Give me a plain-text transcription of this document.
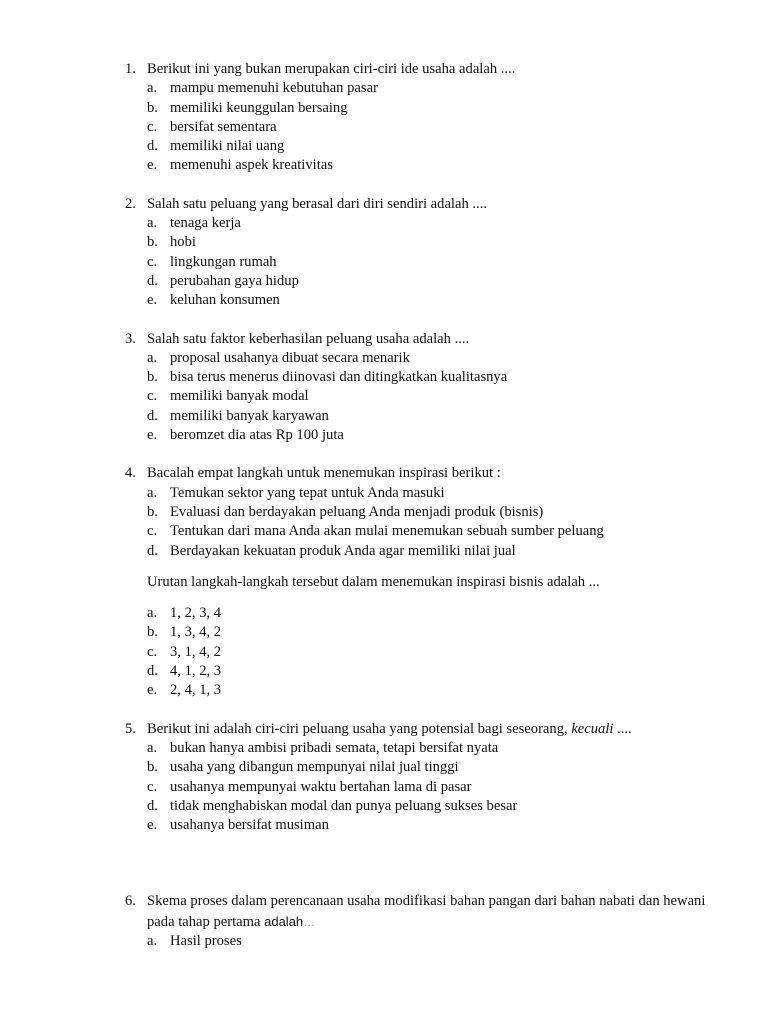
1. Berikut ini yang bukan merupakan ciri-ciri ide usaha adalah ....
a. mampu memenuhi kebutuhan pasar
b. memiliki keunggulan bersaing
c. bersifat sementara
d. memiliki nilai uang
e. memenuhi aspek kreativitas
2. Salah satu peluang yang berasal dari diri sendiri adalah ....
a. tenaga kerja
b. hobi
c. lingkungan rumah
d. perubahan gaya hidup
e. keluhan konsumen
3. Salah satu faktor keberhasilan peluang usaha adalah ....
a. proposal usahanya dibuat secara menarik
b. bisa terus menerus diinovasi dan ditingkatkan kualitasnya
c. memiliki banyak modal
d. memiliki banyak karyawan
e. beromzet dia atas Rp 100 juta
4. Bacalah empat langkah untuk menemukan inspirasi berikut :
a. Temukan sektor yang tepat untuk Anda masuki
b. Evaluasi dan berdayakan peluang Anda menjadi produk (bisnis)
c. Tentukan dari mana Anda akan mulai menemukan sebuah sumber peluang
d. Berdayakan kekuatan produk Anda agar memiliki nilai jual
Urutan langkah-langkah tersebut dalam menemukan inspirasi bisnis adalah ...
a. 1, 2, 3, 4
b. 1, 3, 4, 2
c. 3, 1, 4, 2
d. 4, 1, 2, 3
e. 2, 4, 1, 3
5. Berikut ini adalah ciri-ciri peluang usaha yang potensial bagi seseorang, kecuali ....
a. bukan hanya ambisi pribadi semata, tetapi bersifat nyata
b. usaha yang dibangun mempunyai nilai jual tinggi
c. usahanya mempunyai waktu bertahan lama di pasar
d. tidak menghabiskan modal dan punya peluang sukses besar
e. usahanya bersifat musiman
6. Skema proses dalam perencanaan usaha modifikasi bahan pangan dari bahan nabati dan hewani pada tahap pertama adalah…
a. Hasil proses
